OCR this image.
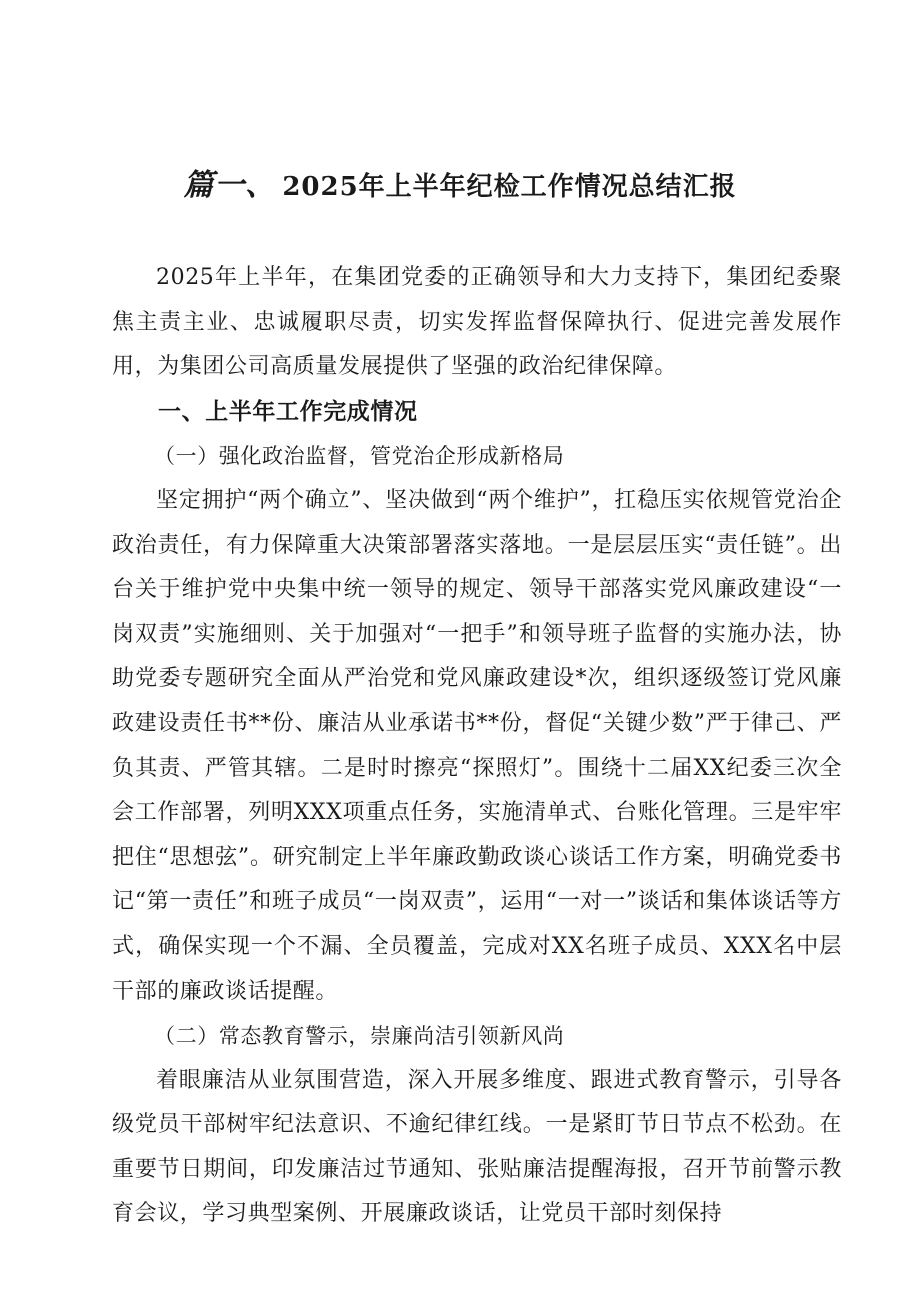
篇一、 2025年上半年纪检工作情况总结汇报

2025年上半年，在集团党委的正确领导和大力支持下，集团纪委聚焦主责主业、忠诚履职尽责，切实发挥监督保障执行、促进完善发展作用，为集团公司高质量发展提供了坚强的政治纪律保障。

一、上半年工作完成情况

（一）强化政治监督，管党治企形成新格局

坚定拥护“两个确立”、坚决做到“两个维护”，扛稳压实依规管党治企政治责任，有力保障重大决策部署落实落地。一是层层压实“责任链”。出台关于维护党中央集中统一领导的规定、领导干部落实党风廉政建设“一岗双责”实施细则、关于加强对“一把手”和领导班子监督的实施办法，协助党委专题研究全面从严治党和党风廉政建设*次，组织逐级签订党风廉政建设责任书**份、廉洁从业承诺书**份，督促“关键少数”严于律己、严负其责、严管其辖。二是时时擦亮“探照灯”。围绕十二届XX纪委三次全会工作部署，列明XXX项重点任务，实施清单式、台账化管理。三是牢牢把住“思想弦”。研究制定上半年廉政勤政谈心谈话工作方案，明确党委书记“第一责任”和班子成员“一岗双责”，运用“一对一”谈话和集体谈话等方式，确保实现一个不漏、全员覆盖，完成对XX名班子成员、XXX名中层干部的廉政谈话提醒。

（二）常态教育警示，崇廉尚洁引领新风尚

着眼廉洁从业氛围营造，深入开展多维度、跟进式教育警示，引导各级党员干部树牢纪法意识、不逾纪律红线。一是紧盯节日节点不松劲。在重要节日期间，印发廉洁过节通知、张贴廉洁提醒海报，召开节前警示教育会议，学习典型案例、开展廉政谈话，让党员干部时刻保持
